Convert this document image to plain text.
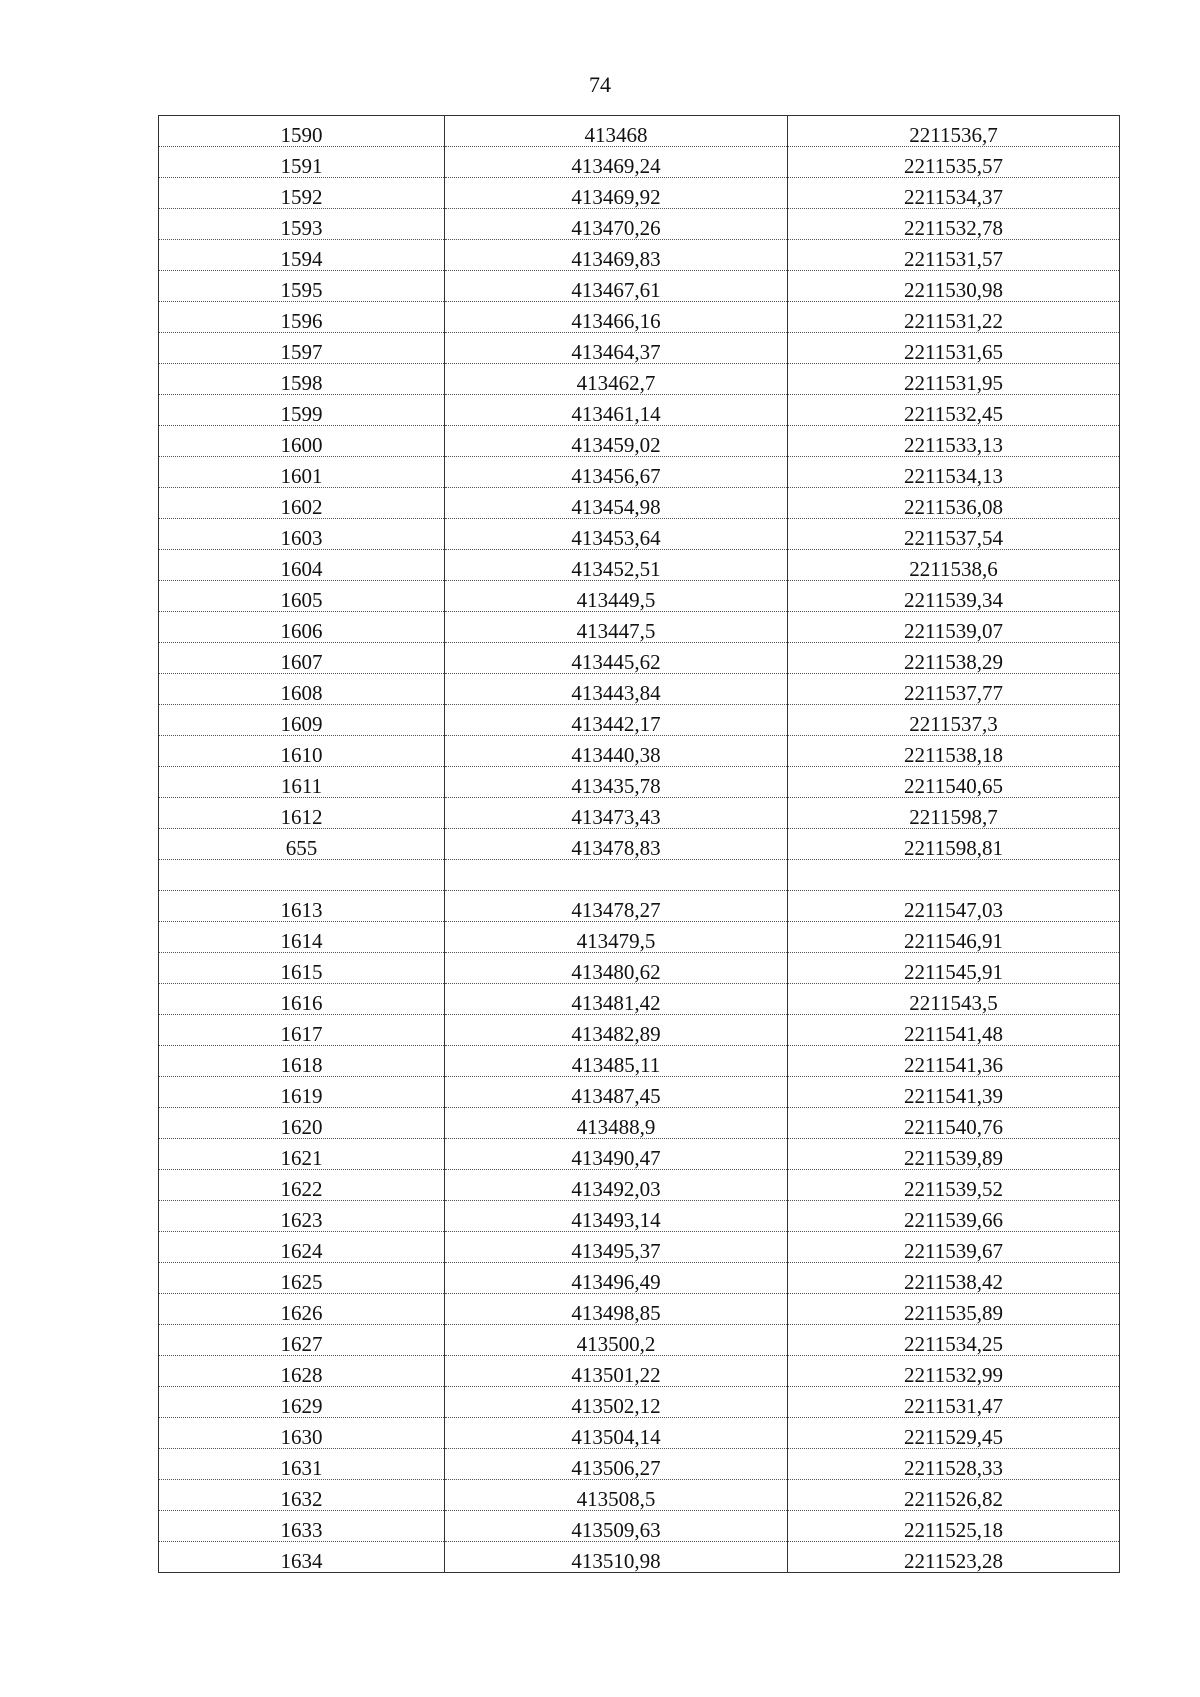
74
1590	413468	2211536,7
1591	413469,24	2211535,57
1592	413469,92	2211534,37
1593	413470,26	2211532,78
1594	413469,83	2211531,57
1595	413467,61	2211530,98
1596	413466,16	2211531,22
1597	413464,37	2211531,65
1598	413462,7	2211531,95
1599	413461,14	2211532,45
1600	413459,02	2211533,13
1601	413456,67	2211534,13
1602	413454,98	2211536,08
1603	413453,64	2211537,54
1604	413452,51	2211538,6
1605	413449,5	2211539,34
1606	413447,5	2211539,07
1607	413445,62	2211538,29
1608	413443,84	2211537,77
1609	413442,17	2211537,3
1610	413440,38	2211538,18
1611	413435,78	2211540,65
1612	413473,43	2211598,7
655	413478,83	2211598,81

1613	413478,27	2211547,03
1614	413479,5	2211546,91
1615	413480,62	2211545,91
1616	413481,42	2211543,5
1617	413482,89	2211541,48
1618	413485,11	2211541,36
1619	413487,45	2211541,39
1620	413488,9	2211540,76
1621	413490,47	2211539,89
1622	413492,03	2211539,52
1623	413493,14	2211539,66
1624	413495,37	2211539,67
1625	413496,49	2211538,42
1626	413498,85	2211535,89
1627	413500,2	2211534,25
1628	413501,22	2211532,99
1629	413502,12	2211531,47
1630	413504,14	2211529,45
1631	413506,27	2211528,33
1632	413508,5	2211526,82
1633	413509,63	2211525,18
1634	413510,98	2211523,28
